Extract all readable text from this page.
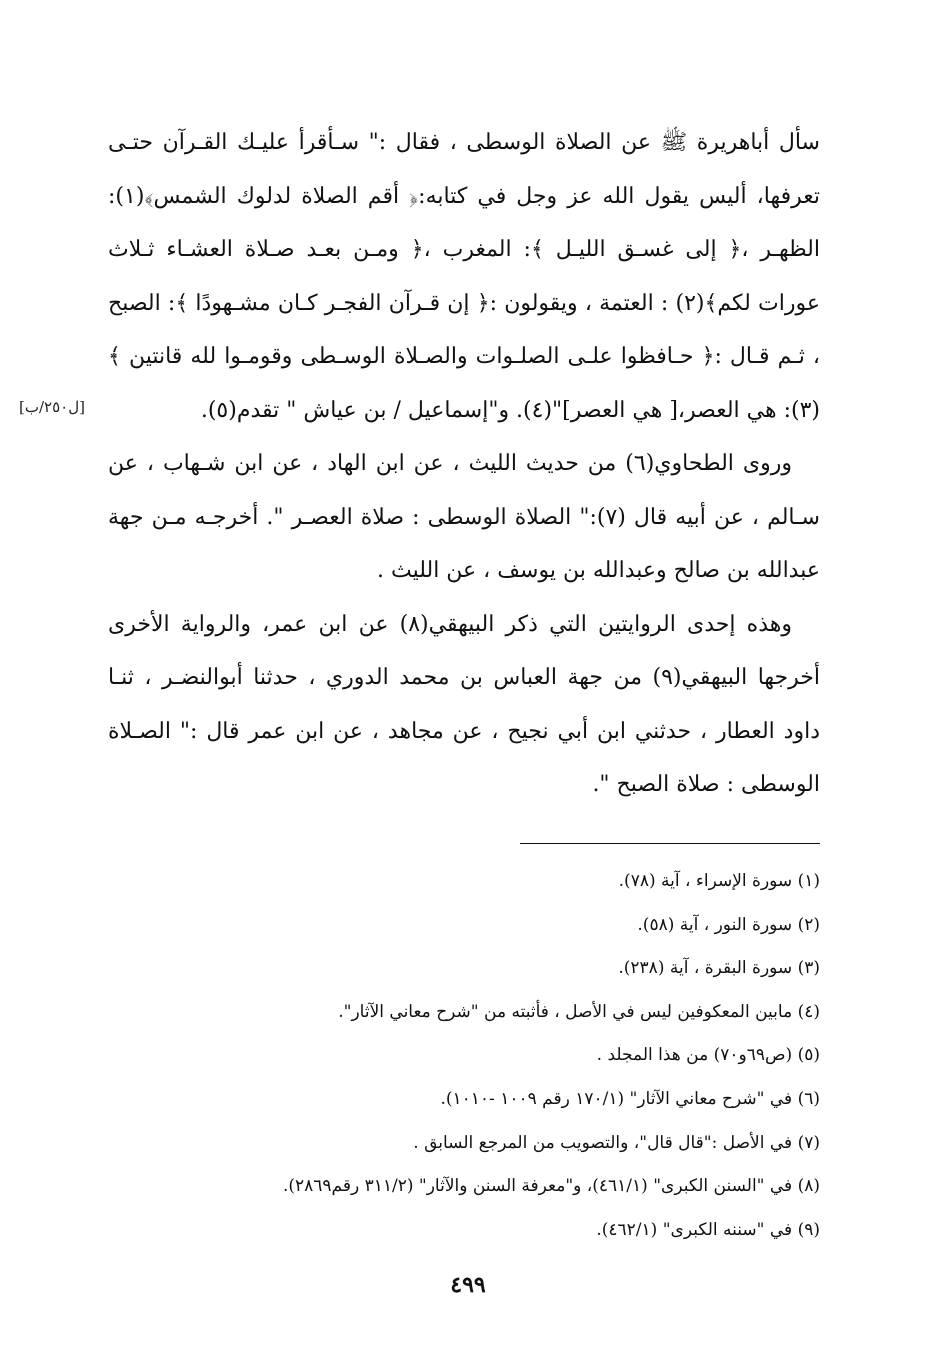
سأل أباهريرة ﷺ عن الصلاة الوسطى ، فقال :" سـأقرأ عليـك القـرآن حتـى تعرفها، أليس يقول الله عز وجل في كتابه:﴿ أقم الصلاة لدلوك الشمس﴾(١): الظهـر ،﴿ إلى غسـق الليـل ﴾: المغرب ،﴿ ومـن بعـد صـلاة العشـاء ثـلاث عورات لكم﴾(٢) : العتمة ، ويقولون :﴿ إن قـرآن الفجـر كـان مشـهودًا ﴾: الصبح ، ثـم قـال :﴿ حـافظوا علـى الصلـوات والصـلاة الوسـطى وقومـوا لله قانتين ﴾(٣): هي العصر،[ هي العصر]"(٤). و"إسماعيل / بن عياش " تقدم(٥).

وروى الطحاوي(٦) من حديث الليث ، عن ابن الهاد ، عن ابن شـهاب ، عن سـالم ، عن أبيه قال (٧):" الصلاة الوسطى : صلاة العصـر ". أخرجـه مـن جهة عبدالله بن صالح وعبدالله بن يوسف ، عن الليث .

وهذه إحدى الروايتين التي ذكر البيهقي(٨) عن ابن عمر، والرواية الأخرى أخرجها البيهقي(٩) من جهة العباس بن محمد الدوري ، حدثنا أبوالنضـر ، ثنـا داود العطار ، حدثني ابن أبي نجيح ، عن مجاهد ، عن ابن عمر قال :" الصـلاة الوسطى : صلاة الصبح ".

[ل٢٥٠/ب]
(١) سورة الإسراء ، آية (٧٨).
(٢) سورة النور ، آية (٥٨).
(٣) سورة البقرة ، آية (٢٣٨).
(٤) مابين المعكوفين ليس في الأصل ، فأثبته من "شرح معاني الآثار".
(٥) (ص٦٩و٧٠) من هذا المجلد .
(٦) في "شرح معاني الآثار" (١٧٠/١ رقم ١٠٠٩ -١٠١٠).
(٧) في الأصل :"قال قال"، والتصويب من المرجع السابق .
(٨) في "السنن الكبرى" (٤٦١/١)، و"معرفة السنن والآثار" (٣١١/٢ رقم٢٨٦٩).
(٩) في "سننه الكبرى" (٤٦٢/١).
٤٩٩
